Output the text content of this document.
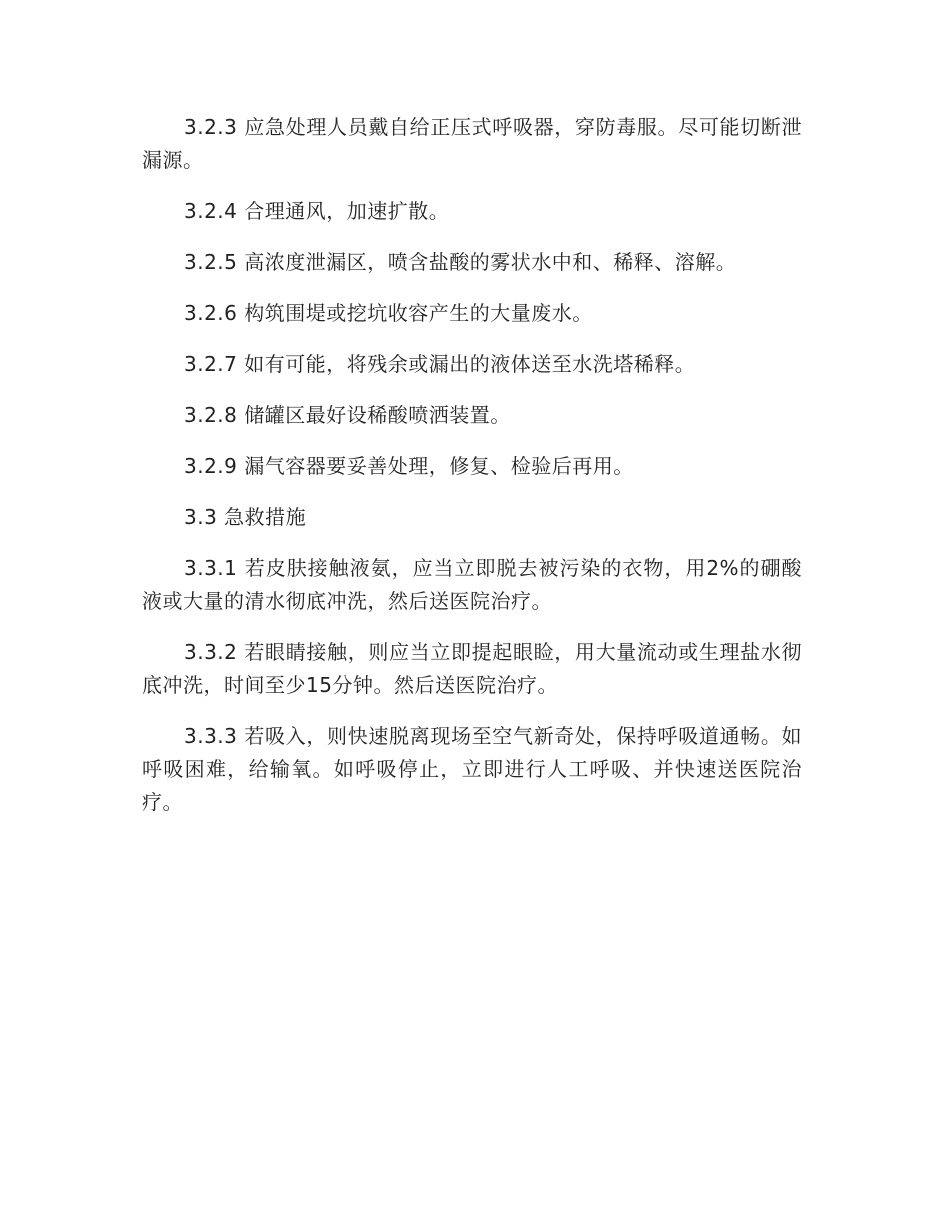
3.2.3 应急处理人员戴自给正压式呼吸器，穿防毒服。尽可能切断泄漏源。

3.2.4 合理通风，加速扩散。

3.2.5 高浓度泄漏区，喷含盐酸的雾状水中和、稀释、溶解。

3.2.6 构筑围堤或挖坑收容产生的大量废水。

3.2.7 如有可能，将残余或漏出的液体送至水洗塔稀释。

3.2.8 储罐区最好设稀酸喷洒装置。

3.2.9 漏气容器要妥善处理，修复、检验后再用。

3.3 急救措施

3.3.1 若皮肤接触液氨，应当立即脱去被污染的衣物，用2%的硼酸液或大量的清水彻底冲洗，然后送医院治疗。

3.3.2 若眼睛接触，则应当立即提起眼睑，用大量流动或生理盐水彻底冲洗，时间至少15分钟。然后送医院治疗。

3.3.3 若吸入，则快速脱离现场至空气新奇处，保持呼吸道通畅。如呼吸困难，给输氧。如呼吸停止，立即进行人工呼吸、并快速送医院治疗。
